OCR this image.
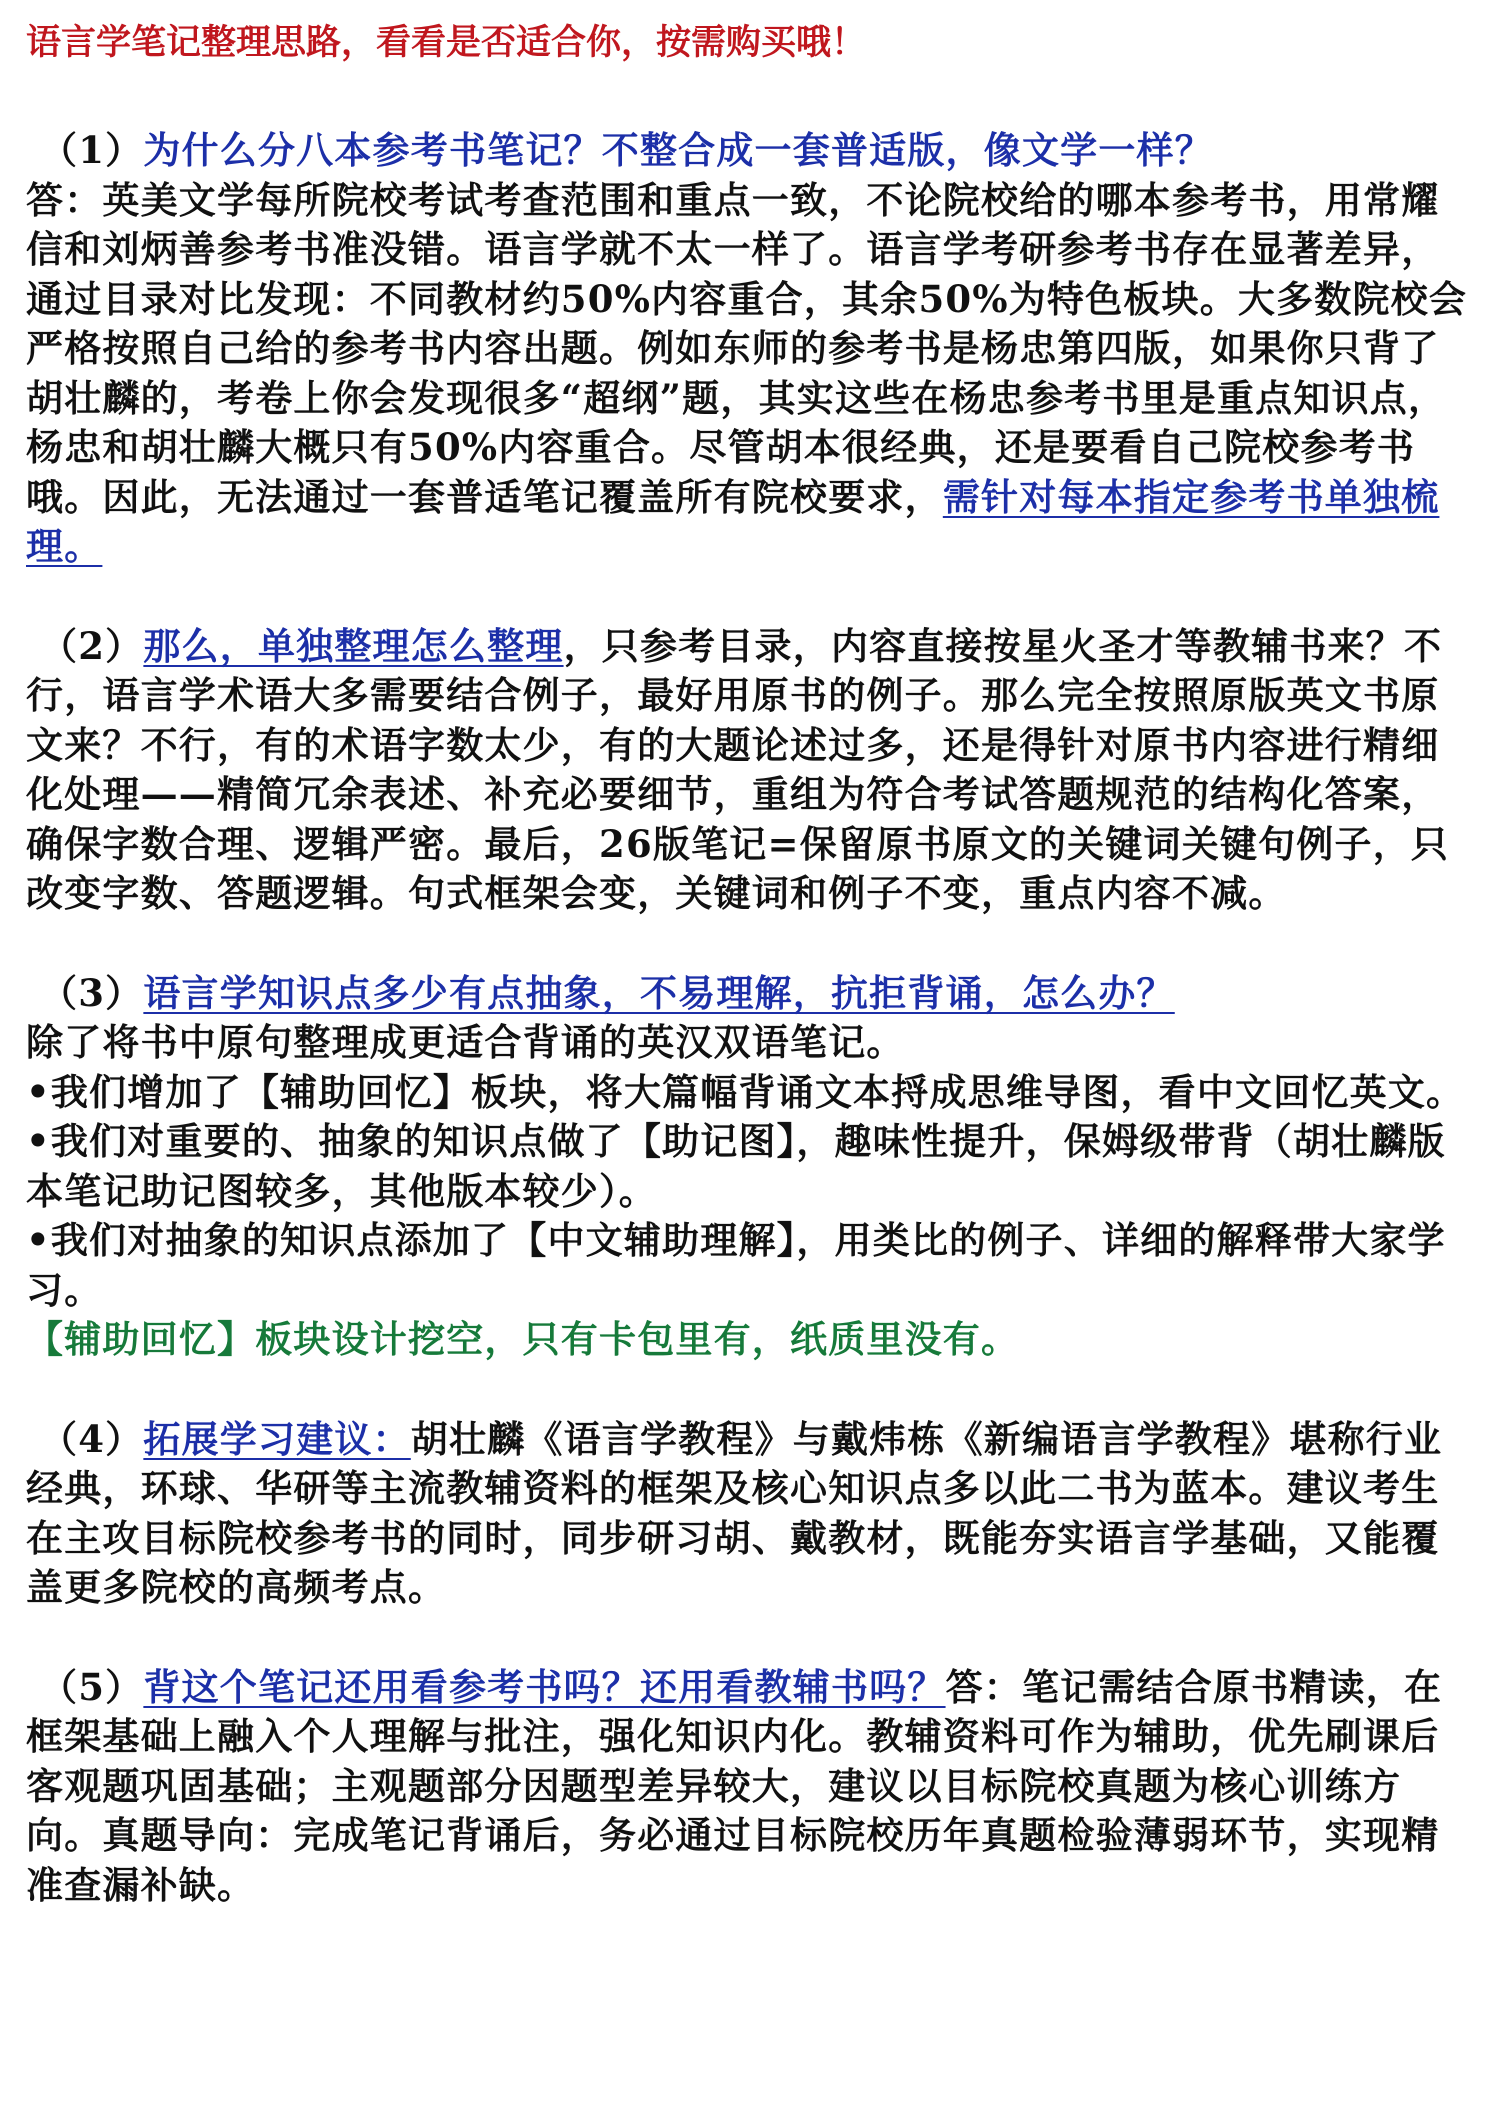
语言学笔记整理思路，看看是否适合你，按需购买哦！

（1）为什么分八本参考书笔记？不整合成一套普适版，像文学一样？

答：英美文学每所院校考试考查范围和重点一致，不论院校给的哪本参考书，用常耀信和刘炳善参考书准没错。语言学就不太一样了。语言学考研参考书存在显著差异，通过目录对比发现：不同教材约50%内容重合，其余50%为特色板块。大多数院校会严格按照自己给的参考书内容出题。例如东师的参考书是杨忠第四版，如果你只背了胡壮麟的，考卷上你会发现很多“超纲”题，其实这些在杨忠参考书里是重点知识点，杨忠和胡壮麟大概只有50%内容重合。尽管胡本很经典，还是要看自己院校参考书哦。因此，无法通过一套普适笔记覆盖所有院校要求，需针对每本指定参考书单独梳理。

（2）那么，单独整理怎么整理，只参考目录，内容直接按星火圣才等教辅书来？不行，语言学术语大多需要结合例子，最好用原书的例子。那么完全按照原版英文书原文来？不行，有的术语字数太少，有的大题论述过多，还是得针对原书内容进行精细化处理——精简冗余表述、补充必要细节，重组为符合考试答题规范的结构化答案，确保字数合理、逻辑严密。最后，26版笔记=保留原书原文的关键词关键句例子，只改变字数、答题逻辑。句式框架会变，关键词和例子不变，重点内容不减。

（3）语言学知识点多少有点抽象，不易理解，抗拒背诵，怎么办？

除了将书中原句整理成更适合背诵的英汉双语笔记。

•我们增加了【辅助回忆】板块，将大篇幅背诵文本捋成思维导图，看中文回忆英文。

•我们对重要的、抽象的知识点做了【助记图】，趣味性提升，保姆级带背（胡壮麟版本笔记助记图较多，其他版本较少）。

•我们对抽象的知识点添加了【中文辅助理解】，用类比的例子、详细的解释带大家学习。

【辅助回忆】板块设计挖空，只有卡包里有，纸质里没有。

（4）拓展学习建议：胡壮麟《语言学教程》与戴炜栋《新编语言学教程》堪称行业经典，环球、华研等主流教辅资料的框架及核心知识点多以此二书为蓝本。建议考生在主攻目标院校参考书的同时，同步研习胡、戴教材，既能夯实语言学基础，又能覆盖更多院校的高频考点。

（5）背这个笔记还用看参考书吗？还用看教辅书吗？答：笔记需结合原书精读，在框架基础上融入个人理解与批注，强化知识内化。教辅资料可作为辅助，优先刷课后客观题巩固基础；主观题部分因题型差异较大，建议以目标院校真题为核心训练方向。真题导向：完成笔记背诵后，务必通过目标院校历年真题检验薄弱环节，实现精准查漏补缺。
